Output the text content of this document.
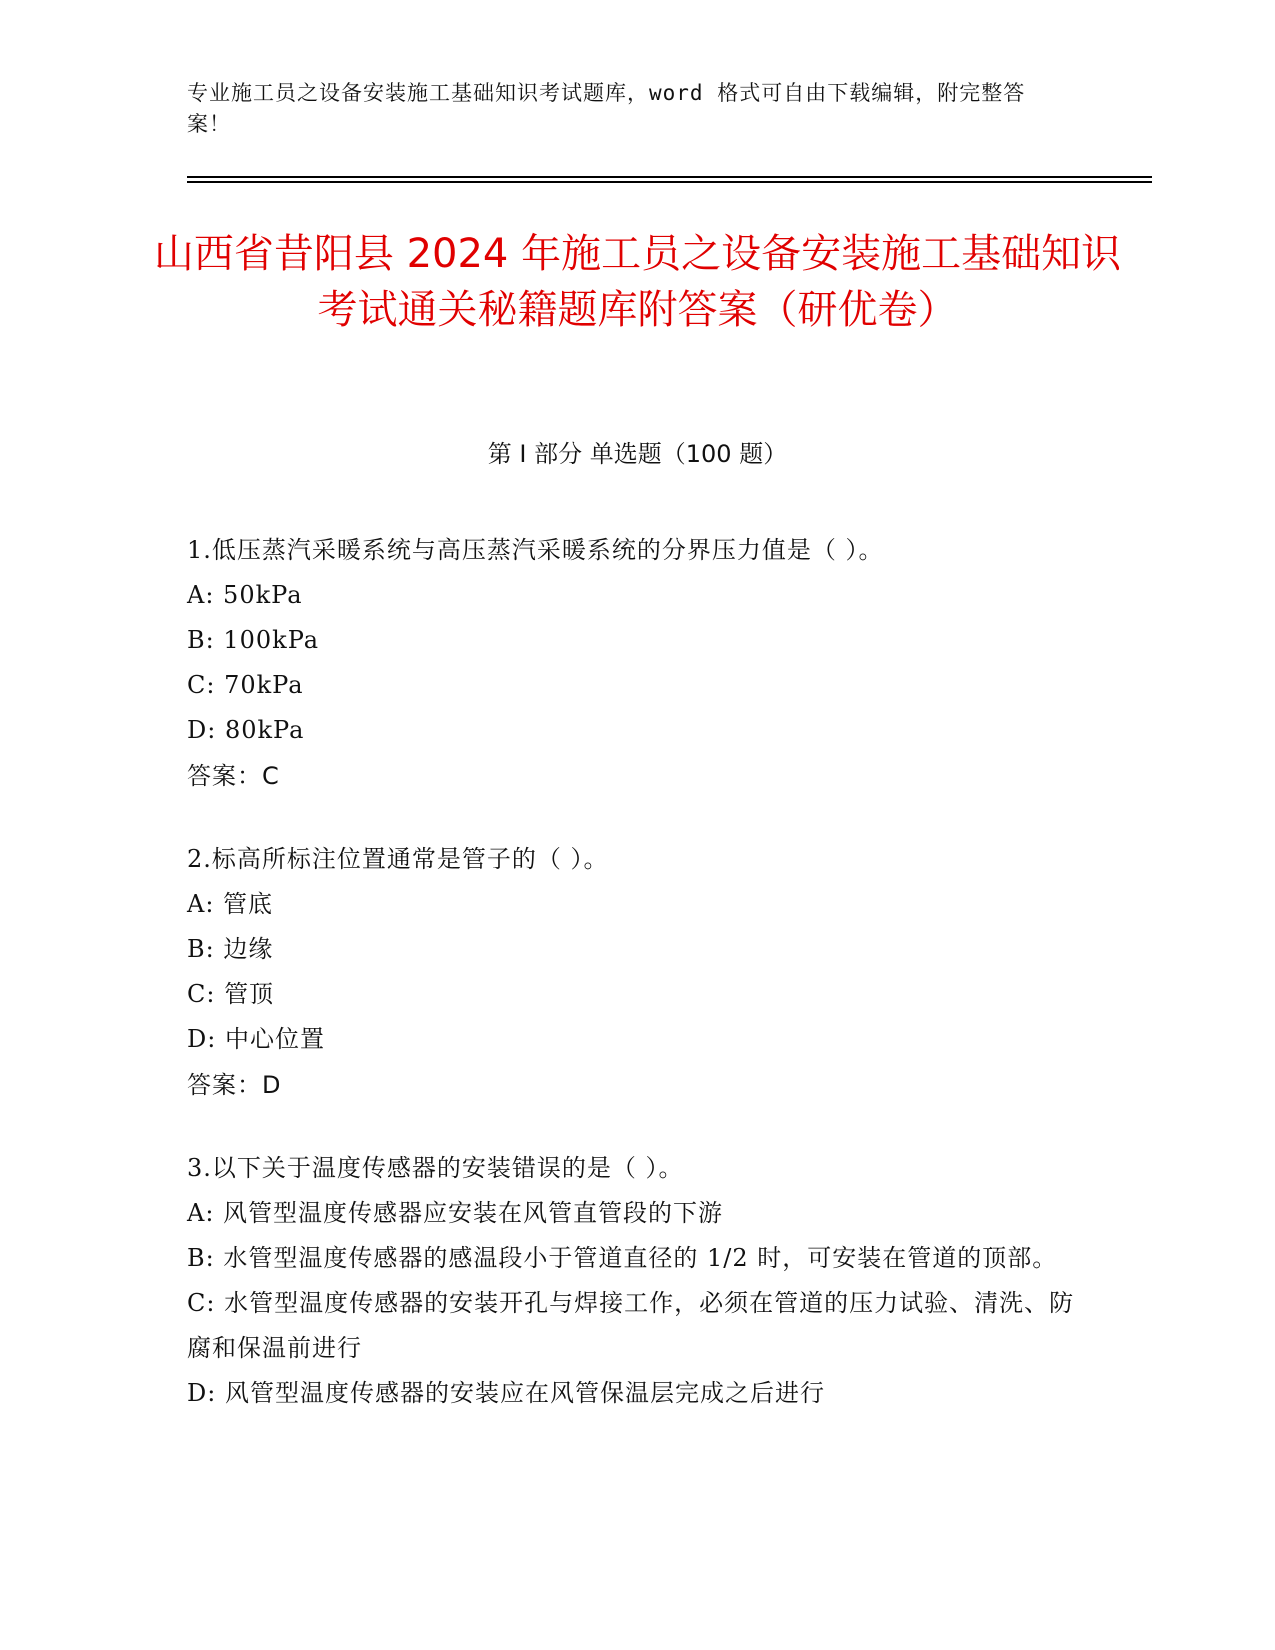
专业施工员之设备安装施工基础知识考试题库，word 格式可自由下载编辑，附完整答案！
山西省昔阳县 2024 年施工员之设备安装施工基础知识考试通关秘籍题库附答案（研优卷）
第 I 部分 单选题（100 题）
1.低压蒸汽采暖系统与高压蒸汽采暖系统的分界压力值是（ ）。
A: 50kPa
B: 100kPa
C: 70kPa
D: 80kPa
答案：C
2.标高所标注位置通常是管子的（ ）。
A: 管底
B: 边缘
C: 管顶
D: 中心位置
答案：D
3.以下关于温度传感器的安装错误的是（ ）。
A: 风管型温度传感器应安装在风管直管段的下游
B: 水管型温度传感器的感温段小于管道直径的 1/2 时，可安装在管道的顶部。
C: 水管型温度传感器的安装开孔与焊接工作，必须在管道的压力试验、清洗、防腐和保温前进行
D: 风管型温度传感器的安装应在风管保温层完成之后进行
